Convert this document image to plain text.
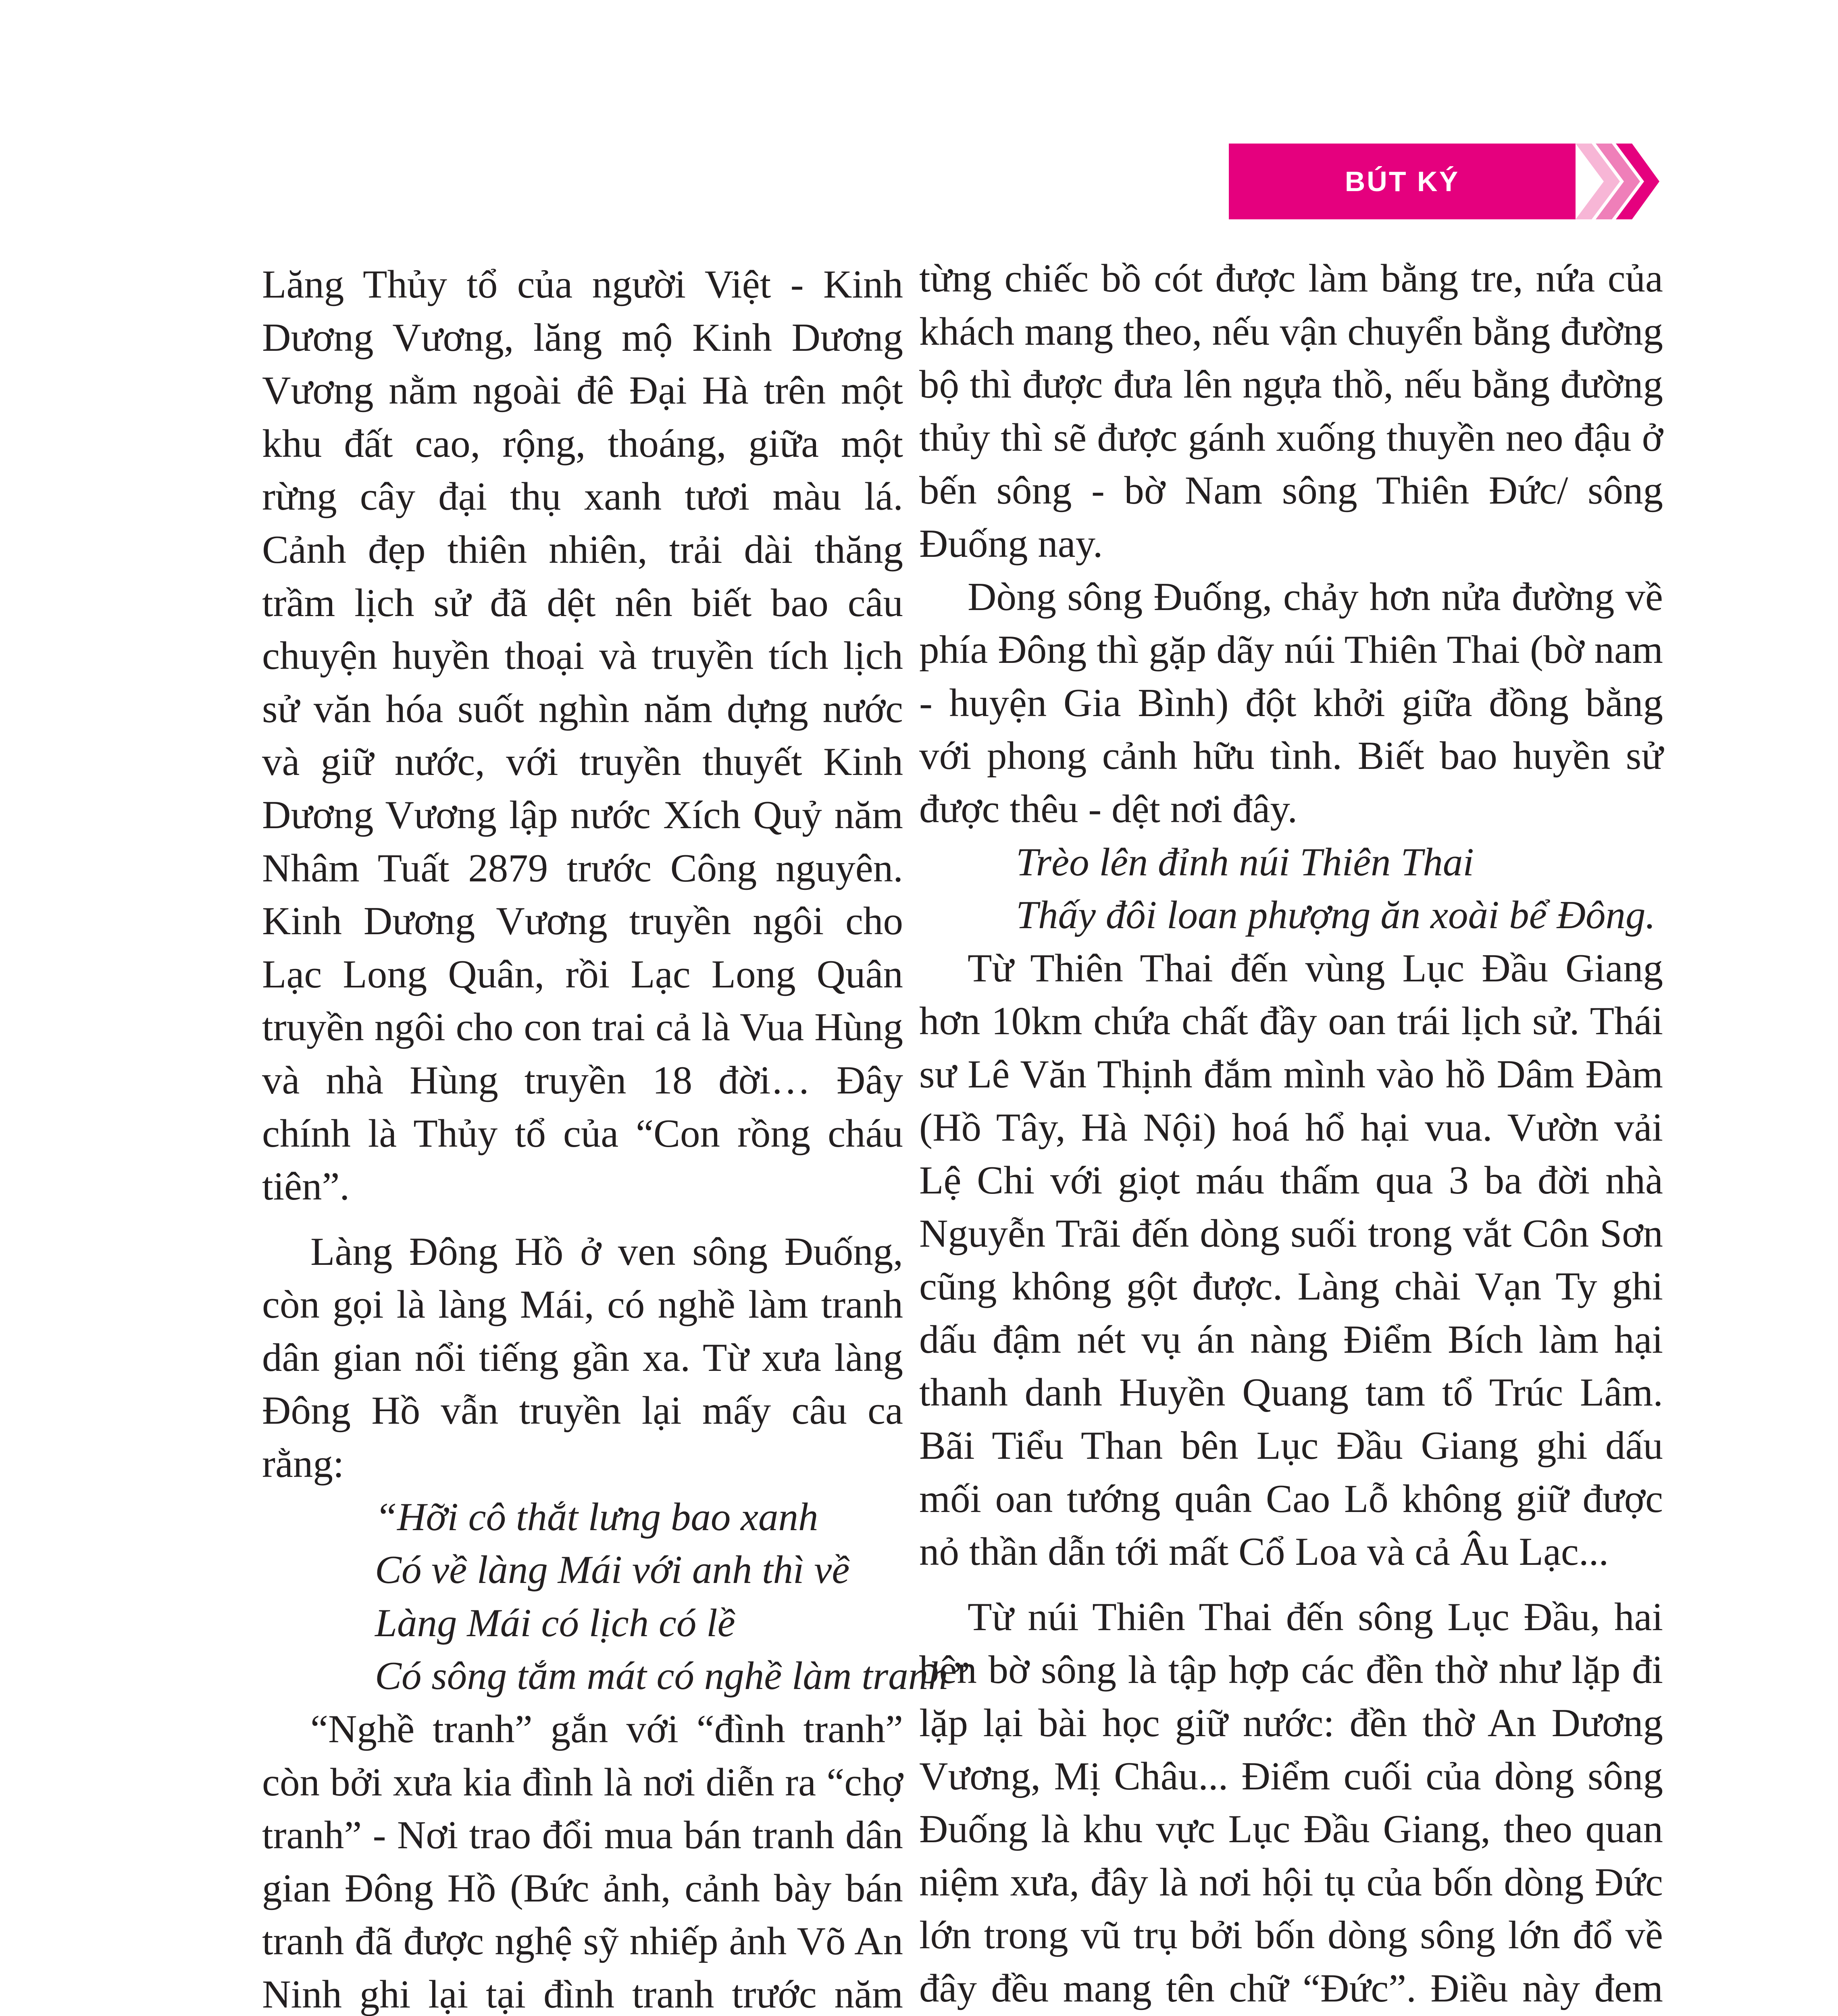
BÚT KÝ

Lăng Thủy tổ của người Việt - Kinh Dương Vương, lăng mộ Kinh Dương Vương nằm ngoài đê Đại Hà trên một khu đất cao, rộng, thoáng, giữa một rừng cây đại thụ xanh tươi màu lá. Cảnh đẹp thiên nhiên, trải dài thăng trầm lịch sử đã dệt nên biết bao câu chuyện huyền thoại và truyền tích lịch sử văn hóa suốt nghìn năm dựng nước và giữ nước, với truyền thuyết Kinh Dương Vương lập nước Xích Quỷ năm Nhâm Tuất 2879 trước Công nguyên. Kinh Dương Vương truyền ngôi cho Lạc Long Quân, rồi Lạc Long Quân truyền ngôi cho con trai cả là Vua Hùng và nhà Hùng truyền 18 đời… Đây chính là Thủy tổ của “Con rồng cháu tiên”.

Làng Đông Hồ ở ven sông Đuống, còn gọi là làng Mái, có nghề làm tranh dân gian nổi tiếng gần xa. Từ xưa làng Đông Hồ vẫn truyền lại mấy câu ca rằng:

“Hỡi cô thắt lưng bao xanh

Có về làng Mái với anh thì về

Làng Mái có lịch có lề

Có sông tắm mát có nghề làm tranh”

“Nghề tranh” gắn với “đình tranh” còn bởi xưa kia đình là nơi diễn ra “chợ tranh” - Nơi trao đổi mua bán tranh dân gian Đông Hồ (Bức ảnh, cảnh bày bán tranh đã được nghệ sỹ nhiếp ảnh Võ An Ninh ghi lại tại đình tranh trước năm

từng chiếc bồ cót được làm bằng tre, nứa của khách mang theo, nếu vận chuyển bằng đường bộ thì được đưa lên ngựa thồ, nếu bằng đường thủy thì sẽ được gánh xuống thuyền neo đậu ở bến sông - bờ Nam sông Thiên Đức/ sông Đuống nay.

Dòng sông Đuống, chảy hơn nửa đường về phía Đông thì gặp dãy núi Thiên Thai (bờ nam - huyện Gia Bình) đột khởi giữa đồng bằng với phong cảnh hữu tình. Biết bao huyền sử được thêu - dệt nơi đây.

Trèo lên đỉnh núi Thiên Thai

Thấy đôi loan phượng ăn xoài bể Đông.

Từ Thiên Thai đến vùng Lục Đầu Giang hơn 10km chứa chất đầy oan trái lịch sử. Thái sư Lê Văn Thịnh đắm mình vào hồ Dâm Đàm (Hồ Tây, Hà Nội) hoá hổ hại vua. Vườn vải Lệ Chi với giọt máu thấm qua 3 ba đời nhà Nguyễn Trãi đến dòng suối trong vắt Côn Sơn cũng không gột được. Làng chài Vạn Ty ghi dấu đậm nét vụ án nàng Điểm Bích làm hại thanh danh Huyền Quang tam tổ Trúc Lâm. Bãi Tiểu Than bên Lục Đầu Giang ghi dấu mối oan tướng quân Cao Lỗ không giữ được nỏ thần dẫn tới mất Cổ Loa và cả Âu Lạc...

Từ núi Thiên Thai đến sông Lục Đầu, hai bên bờ sông là tập hợp các đền thờ như lặp đi lặp lại bài học giữ nước: đền thờ An Dương Vương, Mị Châu... Điểm cuối của dòng sông Đuống là khu vực Lục Đầu Giang, theo quan niệm xưa, đây là nơi hội tụ của bốn dòng Đức lớn trong vũ trụ bởi bốn dòng sông lớn đổ về đây đều mang tên chữ “Đức”. Điều này đem
